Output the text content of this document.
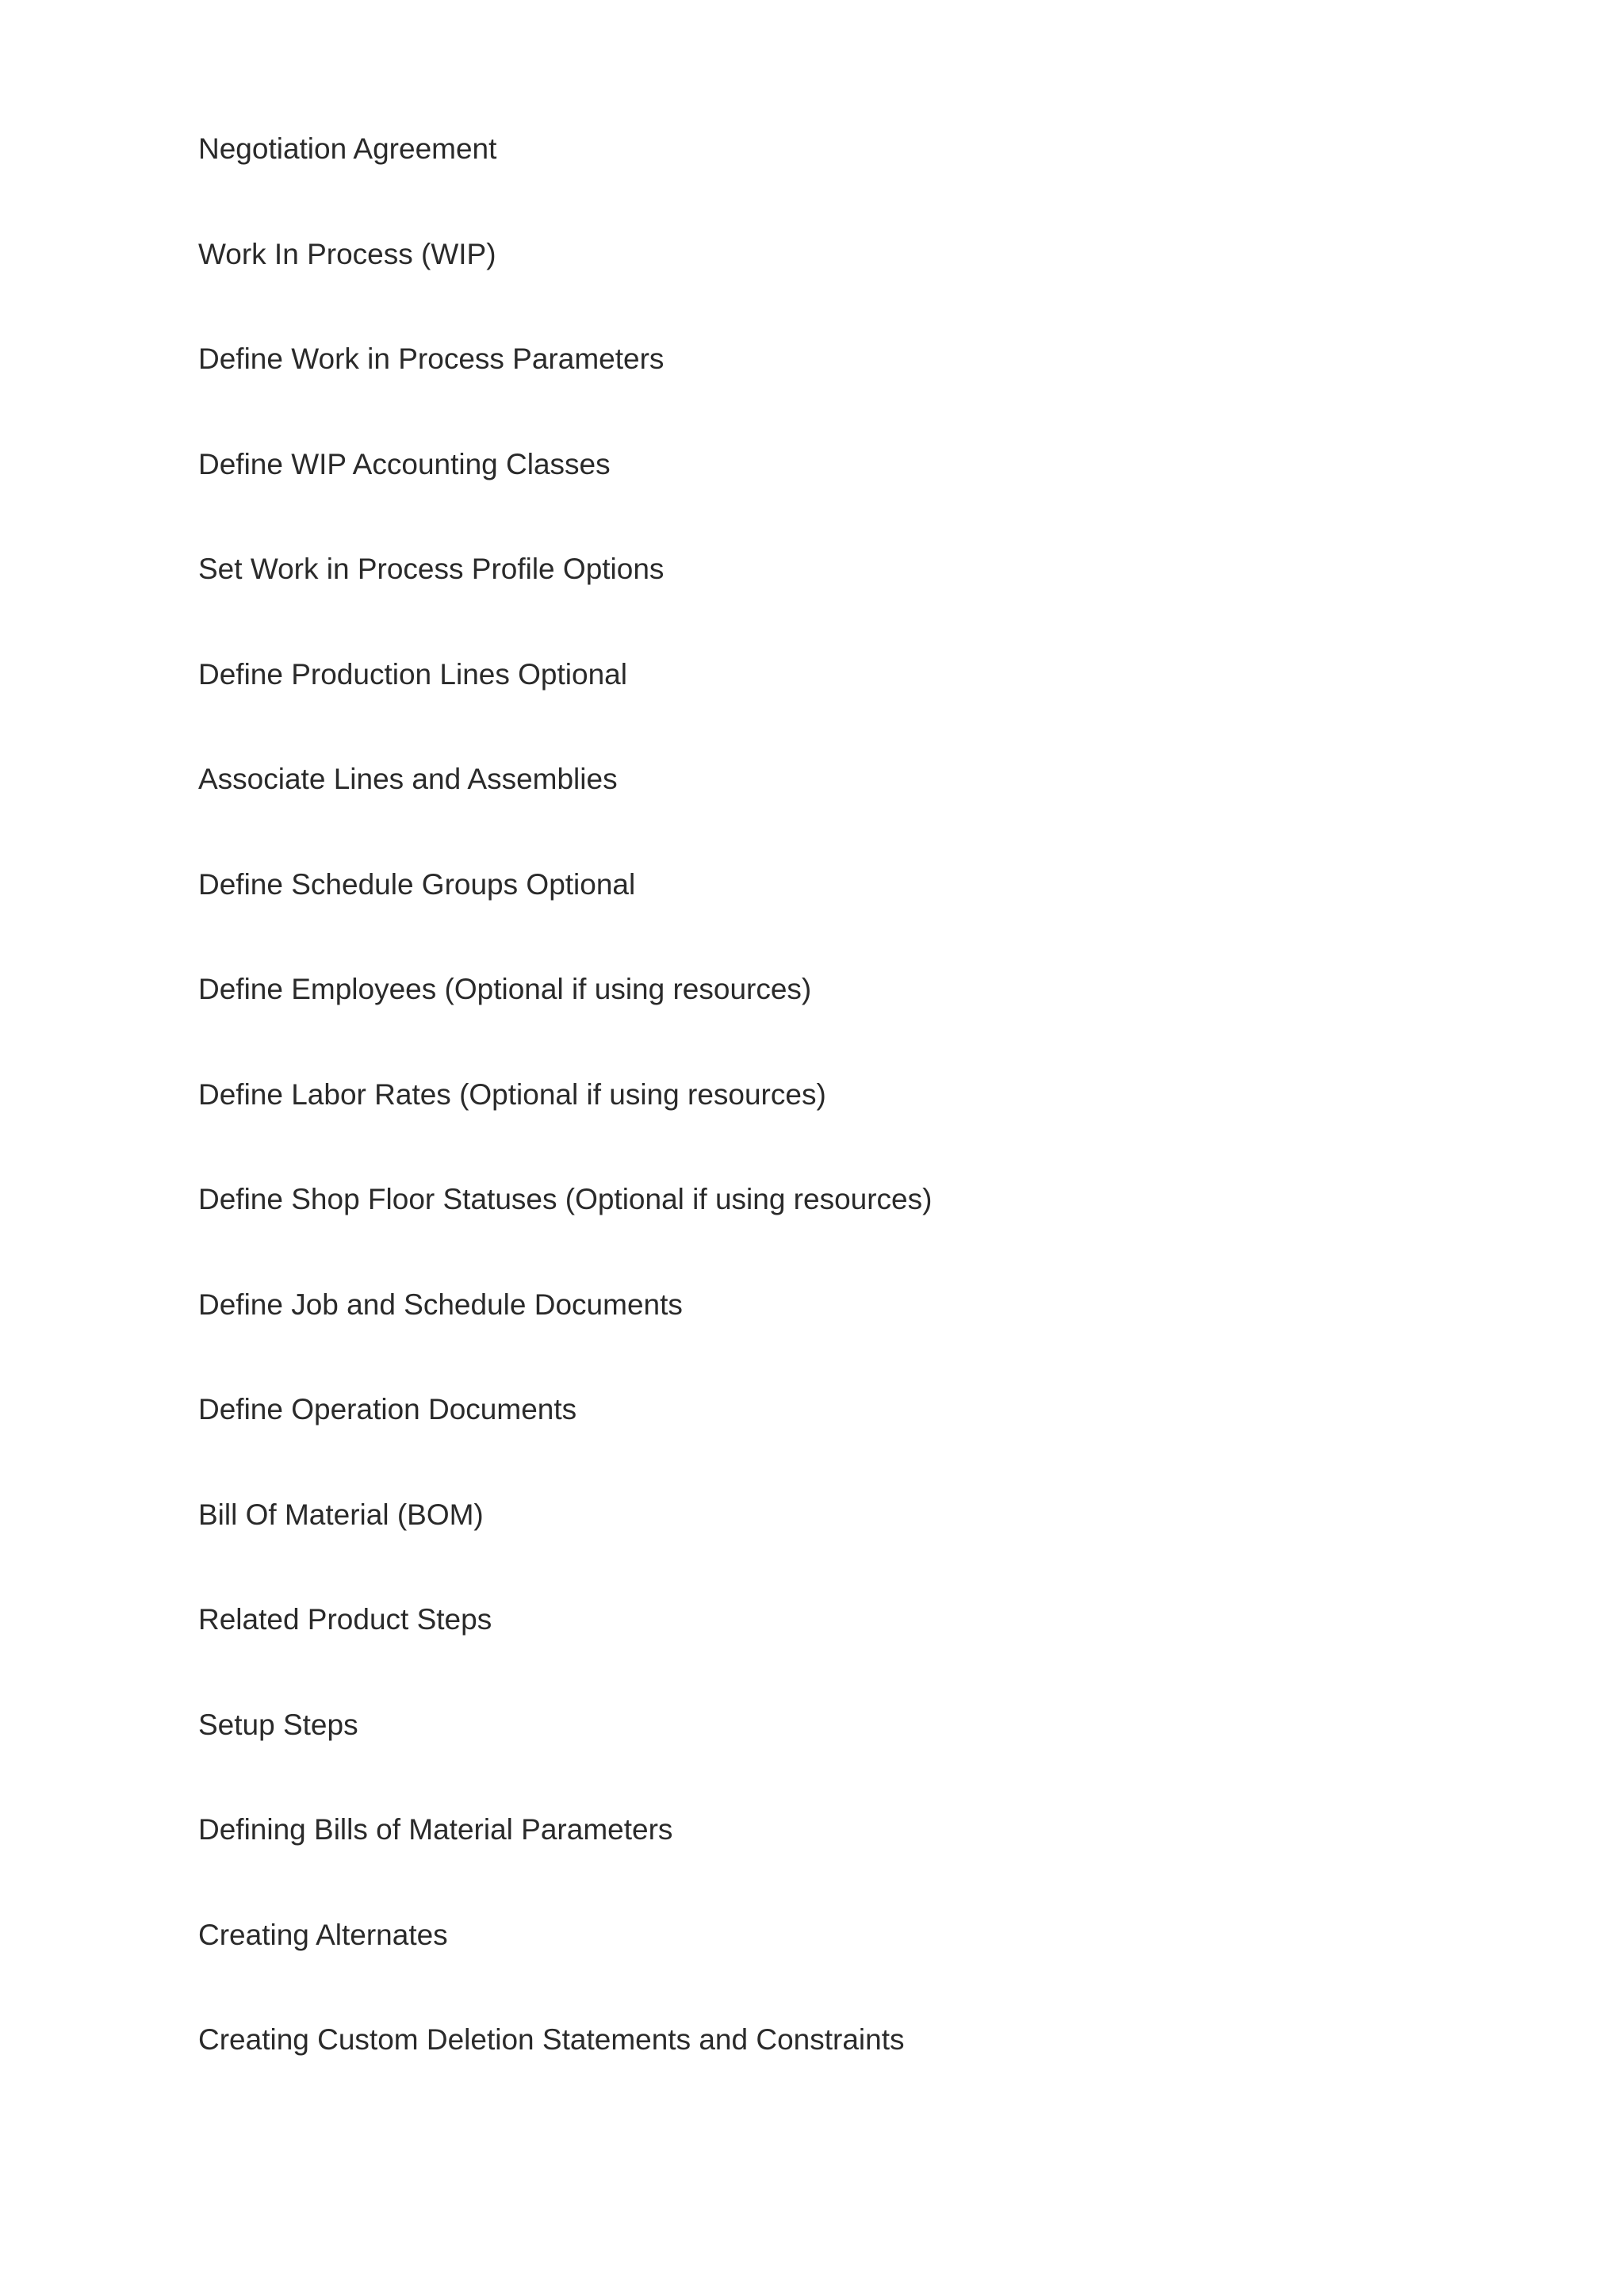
Negotiation Agreement
Work In Process (WIP)
Define Work in Process Parameters
Define WIP Accounting Classes
Set Work in Process Profile Options
Define Production Lines Optional
Associate Lines and Assemblies
Define Schedule Groups Optional
Define Employees (Optional if using resources)
Define Labor Rates (Optional if using resources)
Define Shop Floor Statuses (Optional if using resources)
Define Job and Schedule Documents
Define Operation Documents
Bill Of Material (BOM)
Related Product Steps
Setup Steps
Defining Bills of Material Parameters
Creating Alternates
Creating Custom Deletion Statements and Constraints
